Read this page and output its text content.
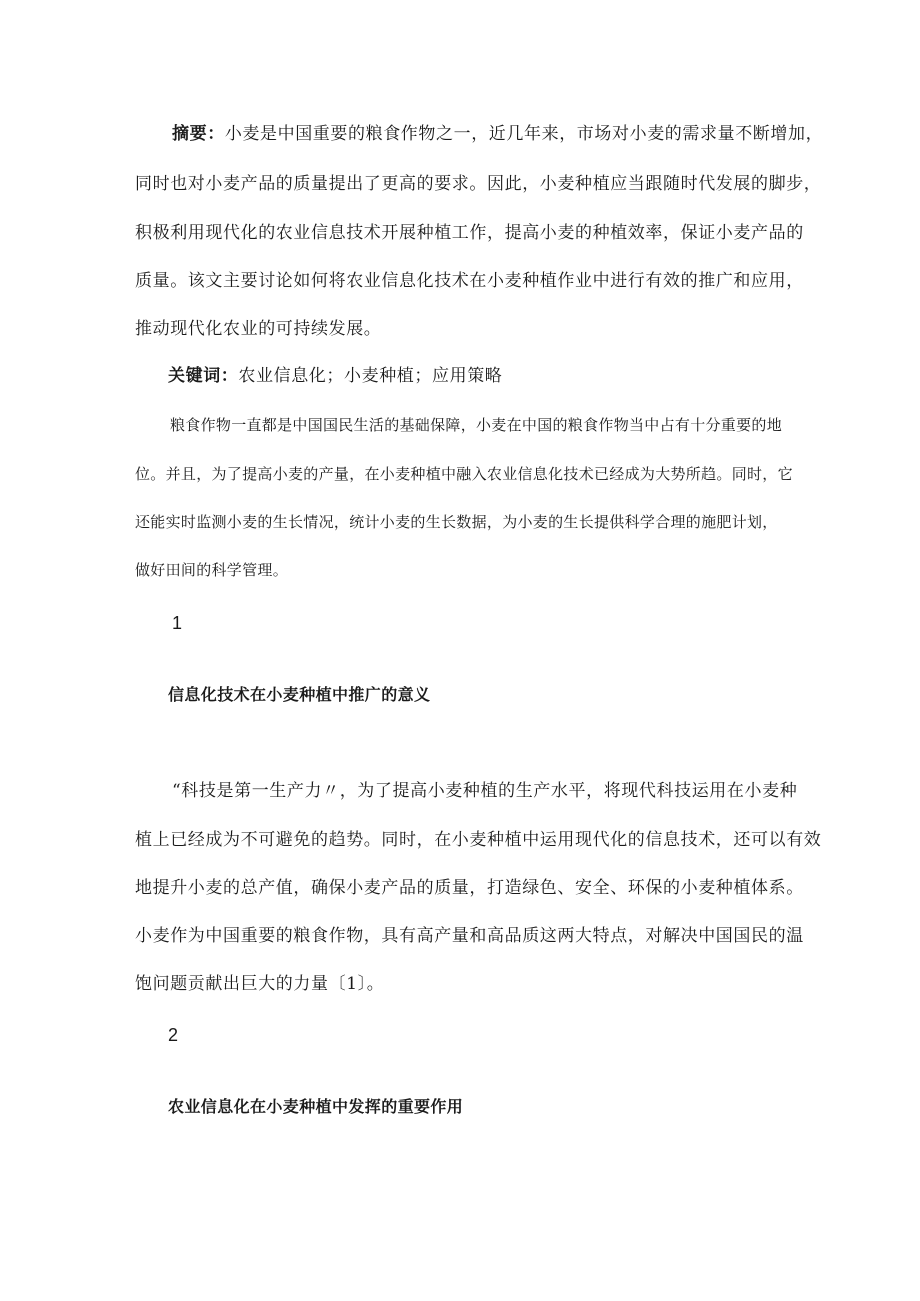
摘要：小麦是中国重要的粮食作物之一，近几年来，市场对小麦的需求量不断增加，
同时也对小麦产品的质量提出了更高的要求。因此，小麦种植应当跟随时代发展的脚步，
积极利用现代化的农业信息技术开展种植工作，提高小麦的种植效率，保证小麦产品的
质量。该文主要讨论如何将农业信息化技术在小麦种植作业中进行有效的推广和应用，
推动现代化农业的可持续发展。
关键词：农业信息化；小麦种植；应用策略
粮食作物一直都是中国国民生活的基础保障，小麦在中国的粮食作物当中占有十分重要的地
位。并且，为了提高小麦的产量，在小麦种植中融入农业信息化技术已经成为大势所趋。同时，它
还能实时监测小麦的生长情况，统计小麦的生长数据，为小麦的生长提供科学合理的施肥计划，
做好田间的科学管理。
1
信息化技术在小麦种植中推广的意义
“科技是第一生产力〃，为了提高小麦种植的生产水平，将现代科技运用在小麦种
植上已经成为不可避免的趋势。同时，在小麦种植中运用现代化的信息技术，还可以有效
地提升小麦的总产值，确保小麦产品的质量，打造绿色、安全、环保的小麦种植体系。
小麦作为中国重要的粮食作物，具有高产量和高品质这两大特点，对解决中国国民的温
饱问题贡献出巨大的力量〔1〕。
2
农业信息化在小麦种植中发挥的重要作用
